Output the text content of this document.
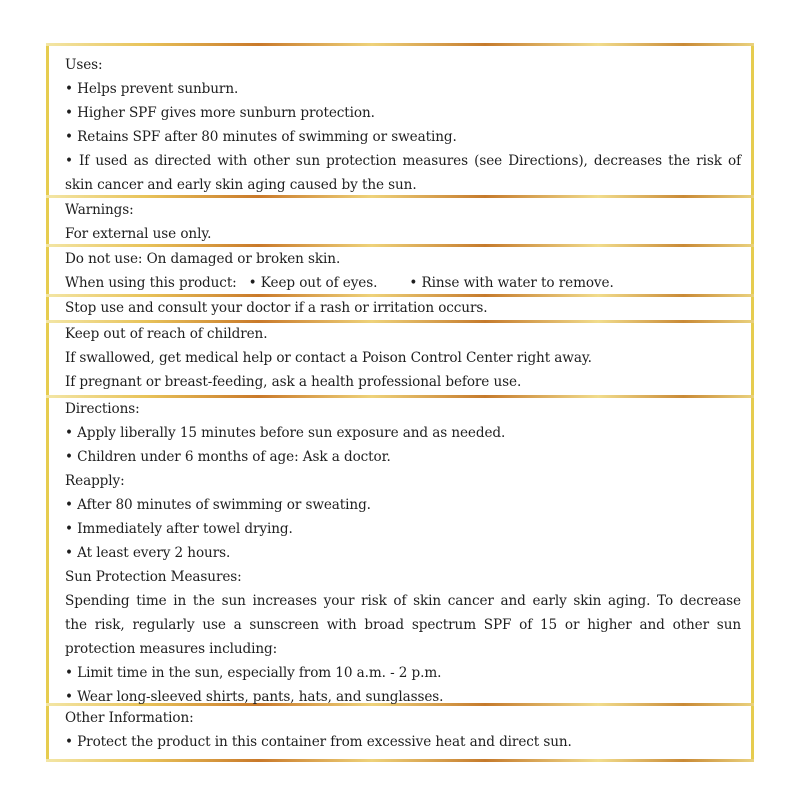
Uses:
• Helps prevent sunburn.
• Higher SPF gives more sunburn protection.
• Retains SPF after 80 minutes of swimming or sweating.
• If used as directed with other sun protection measures (see Directions), decreases the risk of
skin cancer and early skin aging caused by the sun.
Warnings:
For external use only.
Do not use: On damaged or broken skin.
When using this product: • Keep out of eyes. • Rinse with water to remove.
Stop use and consult your doctor if a rash or irritation occurs.
Keep out of reach of children.
If swallowed, get medical help or contact a Poison Control Center right away.
If pregnant or breast-feeding, ask a health professional before use.
Directions:
• Apply liberally 15 minutes before sun exposure and as needed.
• Children under 6 months of age: Ask a doctor.
Reapply:
• After 80 minutes of swimming or sweating.
• Immediately after towel drying.
• At least every 2 hours.
Sun Protection Measures:
Spending time in the sun increases your risk of skin cancer and early skin aging. To decrease
the risk, regularly use a sunscreen with broad spectrum SPF of 15 or higher and other sun
protection measures including:
• Limit time in the sun, especially from 10 a.m. - 2 p.m.
• Wear long-sleeved shirts, pants, hats, and sunglasses.
Other Information:
• Protect the product in this container from excessive heat and direct sun.
